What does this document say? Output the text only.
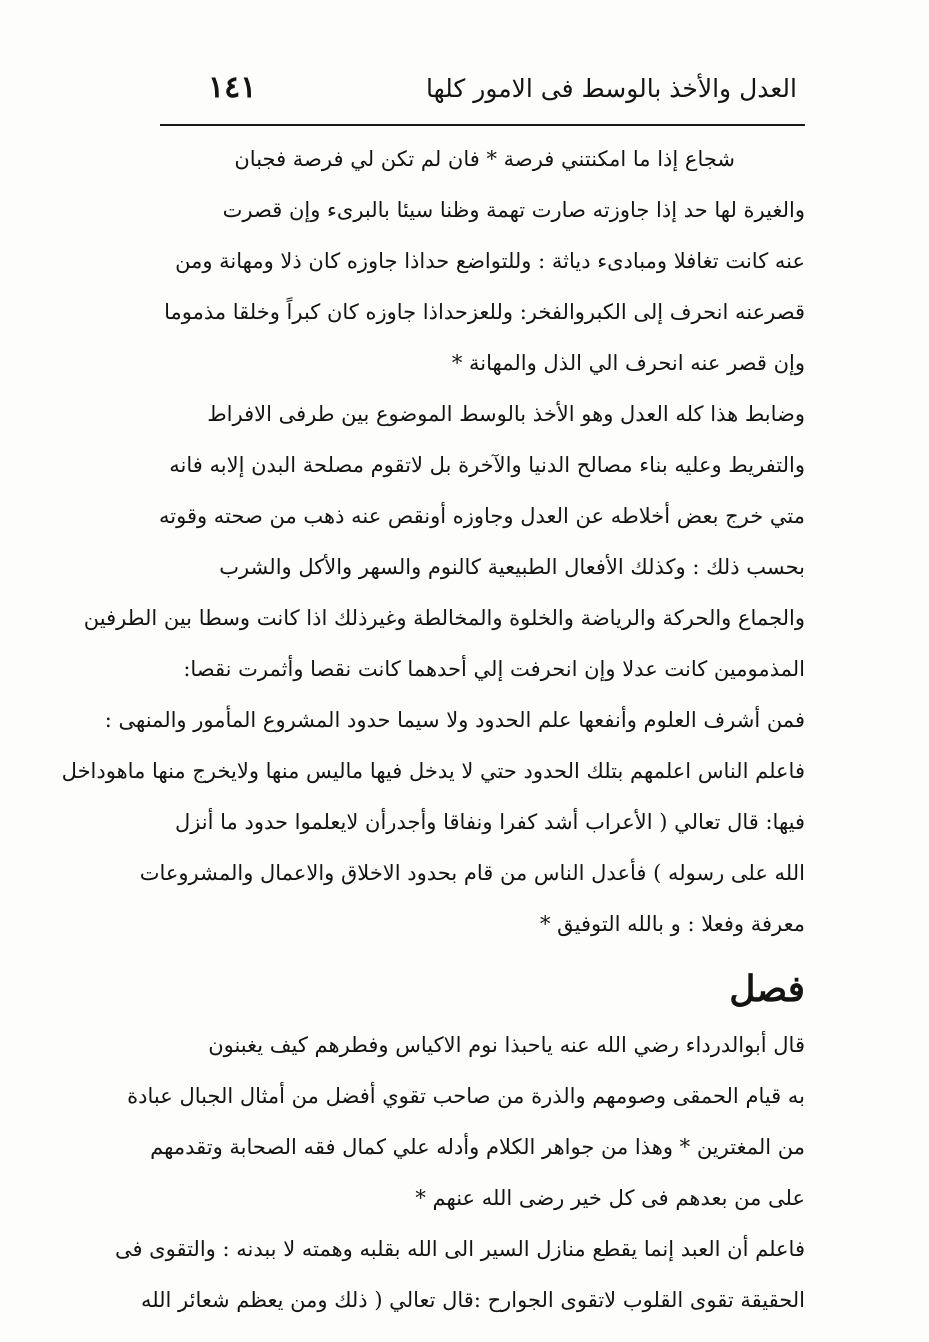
العدل والأخذ بالوسط فى الامور كلها
١٤١
شجاع إذا ما امكنتني فرصة * فان لم تكن لي فرصة فجبان
والغيرة لها حد إذا جاوزته صارت تهمة وظنا سيئا بالبرىء وإن قصرت
عنه كانت تغافلا ومبادىء دياثة : وللتواضع حداذا جاوزه كان ذلا ومهانة ومن
قصرعنه انحرف إلى الكبروالفخر: وللعزحداذا جاوزه كان كبراً وخلقا مذموما
وإن قصر عنه انحرف الي الذل والمهانة *
وضابط هذا كله العدل وهو الأخذ بالوسط الموضوع بين طرفى الافراط
والتفريط وعليه بناء مصالح الدنيا والآخرة بل لاتقوم مصلحة البدن إلابه فانه
متي خرج بعض أخلاطه عن العدل وجاوزه أونقص عنه ذهب من صحته وقوته
بحسب ذلك : وكذلك الأفعال الطبيعية كالنوم والسهر والأكل والشرب
والجماع والحركة والرياضة والخلوة والمخالطة وغيرذلك اذا كانت وسطا بين الطرفين
المذمومين كانت عدلا وإن انحرفت إلي أحدهما كانت نقصا وأثمرت نقصا:
فمن أشرف العلوم وأنفعها علم الحدود ولا سيما حدود المشروع المأمور والمنهى :
فاعلم الناس اعلمهم بتلك الحدود حتي لا يدخل فيها ماليس منها ولايخرج منها ماهوداخل
فيها: قال تعالي ( الأعراب أشد كفرا ونفاقا وأجدرأن لايعلموا حدود ما أنزل
الله على رسوله ) فأعدل الناس من قام بحدود الاخلاق والاعمال والمشروعات
معرفة وفعلا : و بالله التوفيق *
فصل
قال أبوالدرداء رضي الله عنه ياحبذا نوم الاكياس وفطرهم كيف يغبنون
به قيام الحمقى وصومهم والذرة من صاحب تقوي أفضل من أمثال الجبال عبادة
من المغترين * وهذا من جواهر الكلام وأدله علي كمال فقه الصحابة وتقدمهم
على من بعدهم فى كل خير رضى الله عنهم *
فاعلم أن العبد إنما يقطع منازل السير الى الله بقلبه وهمته لا ببدنه : والتقوى فى
الحقيقة تقوى القلوب لاتقوى الجوارح :قال تعالي ( ذلك ومن يعظم شعائر الله
